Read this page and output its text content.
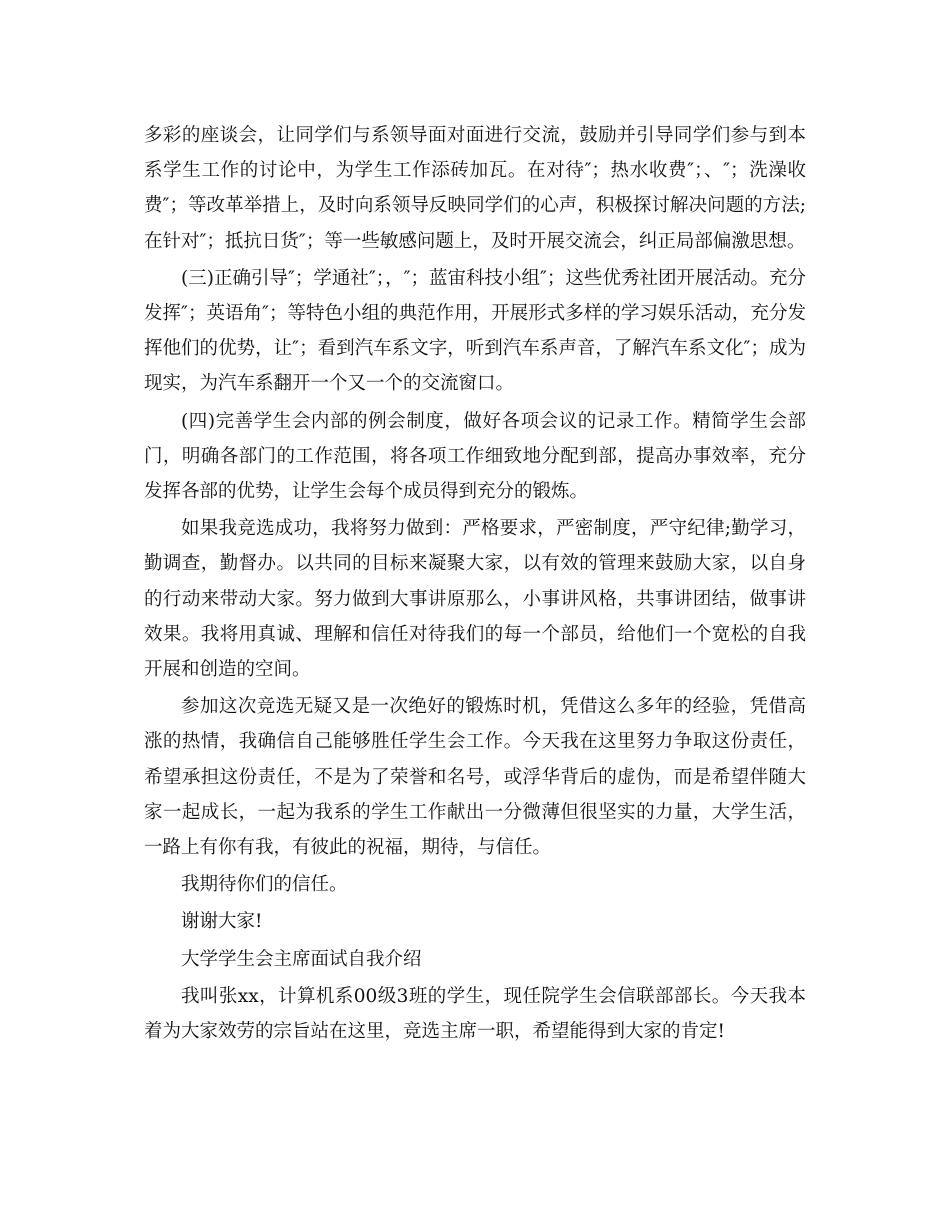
多彩的座谈会，让同学们与系领导面对面进行交流，鼓励并引导同学们参与到本系学生工作的讨论中，为学生工作添砖加瓦。在对待″；热水收费″；、″；洗澡收费″；等改革举措上，及时向系领导反映同学们的心声，积极探讨解决问题的方法;在针对″；抵抗日货″；等一些敏感问题上，及时开展交流会，纠正局部偏激思想。

(三)正确引导″；学通社″；，″；蓝宙科技小组″；这些优秀社团开展活动。充分发挥″；英语角″；等特色小组的典范作用，开展形式多样的学习娱乐活动，充分发挥他们的优势，让″；看到汽车系文字，听到汽车系声音，了解汽车系文化″；成为现实，为汽车系翻开一个又一个的交流窗口。

(四)完善学生会内部的例会制度，做好各项会议的记录工作。精简学生会部门，明确各部门的工作范围，将各项工作细致地分配到部，提高办事效率，充分发挥各部的优势，让学生会每个成员得到充分的锻炼。

如果我竞选成功，我将努力做到：严格要求，严密制度，严守纪律;勤学习，勤调查，勤督办。以共同的目标来凝聚大家，以有效的管理来鼓励大家，以自身的行动来带动大家。努力做到大事讲原那么，小事讲风格，共事讲团结，做事讲效果。我将用真诚、理解和信任对待我们的每一个部员，给他们一个宽松的自我开展和创造的空间。

参加这次竞选无疑又是一次绝好的锻炼时机，凭借这么多年的经验，凭借高涨的热情，我确信自己能够胜任学生会工作。今天我在这里努力争取这份责任，希望承担这份责任，不是为了荣誉和名号，或浮华背后的虚伪，而是希望伴随大家一起成长，一起为我系的学生工作献出一分微薄但很坚实的力量，大学生活，一路上有你有我，有彼此的祝福，期待，与信任。

我期待你们的信任。

谢谢大家!

大学学生会主席面试自我介绍

我叫张xx，计算机系00级3班的学生，现任院学生会信联部部长。今天我本着为大家效劳的宗旨站在这里，竞选主席一职，希望能得到大家的肯定!
